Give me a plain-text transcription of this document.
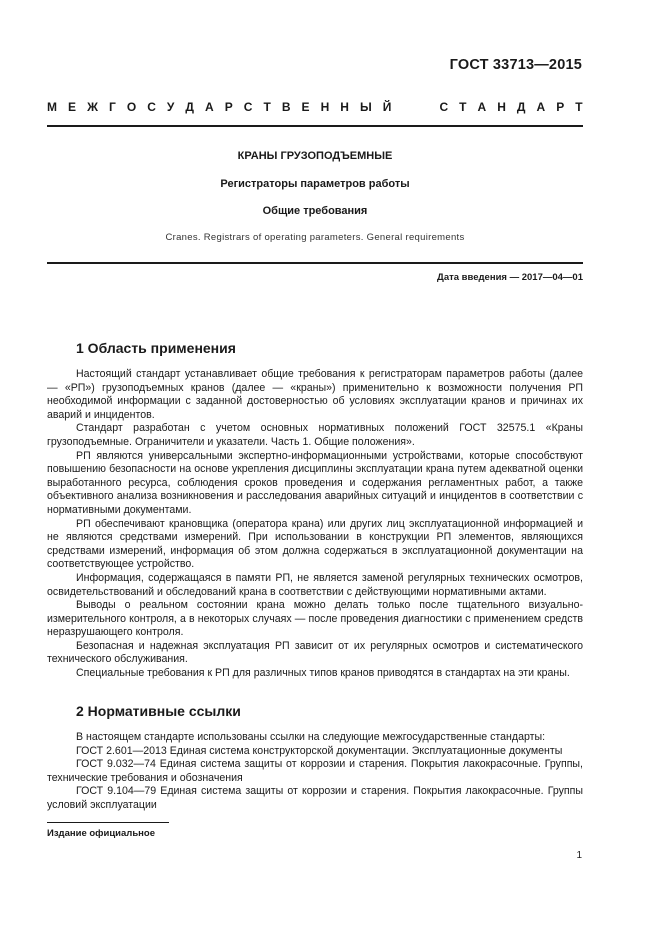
ГОСТ 33713—2015
М Е Ж Г О С У Д А Р С Т В Е Н Н Ы Й	С Т А Н Д А Р Т
КРАНЫ ГРУЗОПОДЪЕМНЫЕ
Регистраторы параметров работы
Общие требования
Cranes. Registrars of operating parameters. General requirements
Дата введения — 2017—04—01
1 Область применения

Настоящий стандарт устанавливает общие требования к регистраторам параметров работы (далее — «РП») грузоподъемных кранов (далее — «краны») применительно к возможности получения РП необходимой информации с заданной достоверностью об условиях эксплуатации кранов и причинах их аварий и инцидентов.

Стандарт разработан с учетом основных нормативных положений ГОСТ 32575.1 «Краны грузоподъемные. Ограничители и указатели. Часть 1. Общие положения».

РП являются универсальными экспертно-информационными устройствами, которые способствуют повышению безопасности на основе укрепления дисциплины эксплуатации крана путем адекватной оценки выработанного ресурса, соблюдения сроков проведения и содержания регламентных работ, а также объективного анализа возникновения и расследования аварийных ситуаций и инцидентов в соответствии с нормативными документами.

РП обеспечивают крановщика (оператора крана) или других лиц эксплуатационной информацией и не являются средствами измерений. При использовании в конструкции РП элементов, являющихся средствами измерений, информация об этом должна содержаться в эксплуатационной документации на соответствующее устройство.

Информация, содержащаяся в памяти РП, не является заменой регулярных технических осмотров, освидетельствований и обследований крана в соответствии с действующими нормативными актами.

Выводы о реальном состоянии крана можно делать только после тщательного визуально-измерительного контроля, а в некоторых случаях — после проведения диагностики с применением средств неразрушающего контроля.

Безопасная и надежная эксплуатация РП зависит от их регулярных осмотров и систематического технического обслуживания.

Специальные требования к РП для различных типов кранов приводятся в стандартах на эти краны.

2 Нормативные ссылки

В настоящем стандарте использованы ссылки на следующие межгосударственные стандарты:

ГОСТ 2.601—2013 Единая система конструкторской документации. Эксплуатационные документы

ГОСТ 9.032—74 Единая система защиты от коррозии и старения. Покрытия лакокрасочные. Группы, технические требования и обозначения

ГОСТ 9.104—79 Единая система защиты от коррозии и старения. Покрытия лакокрасочные. Группы условий эксплуатации

Издание официальное
1
